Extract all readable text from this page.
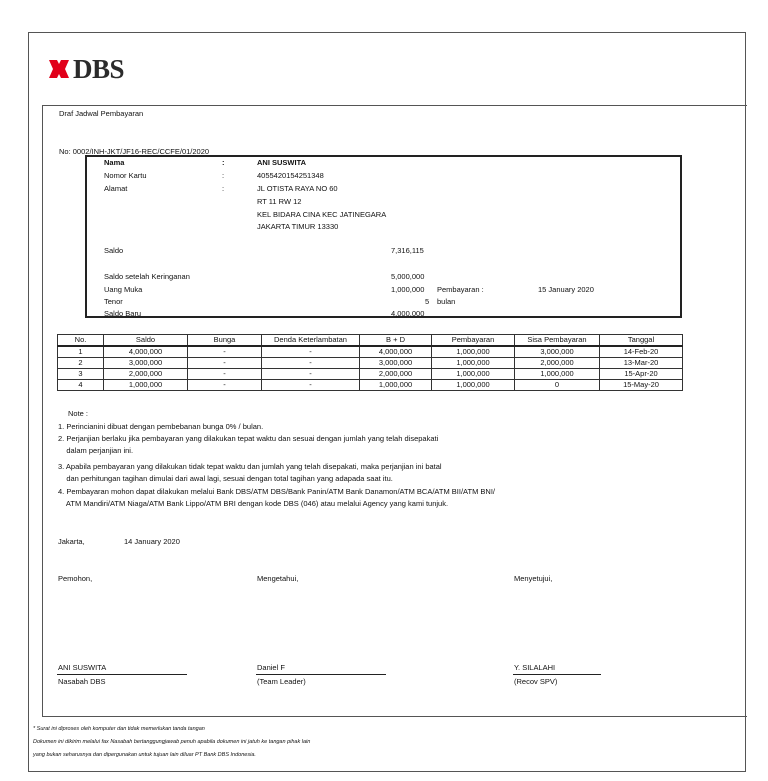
DBS
Draf Jadwal Pembayaran
No: 0002/INH-JKT/JF16-REC/CCFE/01/2020
Nama	:	ANI SUSWITA
Nomor Kartu	:	4055420154251348
Alamat	:	JL OTISTA RAYA NO 60
RT 11 RW 12
KEL BIDARA CINA KEC JATINEGARA
JAKARTA TIMUR 13330
Saldo	7,316,115
Saldo setelah Keringanan	5,000,000
Uang Muka	1,000,000 Pembayaran :	15 January 2020
Tenor	5 bulan
Saldo Baru	4,000,000
No.	Saldo	Bunga	Denda Keterlambatan	B + D	Pembayaran	Sisa Pembayaran	Tanggal
1	4,000,000	-	-	4,000,000	1,000,000	3,000,000	14-Feb-20
2	3,000,000	-	-	3,000,000	1,000,000	2,000,000	13-Mar-20
3	2,000,000	-	-	2,000,000	1,000,000	1,000,000	15-Apr-20
4	1,000,000	-	-	1,000,000	1,000,000	0	15-May-20
Note :
1. Perincianini dibuat dengan pembebanan bunga 0% / bulan.
2. Perjanjian berlaku jika pembayaran yang dilakukan tepat waktu dan sesuai dengan jumlah yang telah disepakati
dalam perjanjian ini.
3. Apabila pembayaran yang dilakukan tidak tepat waktu dan jumlah yang telah disepakati, maka perjanjian ini batal
dan perhitungan tagihan dimulai dari awal lagi, sesuai dengan total tagihan yang adapada saat itu.
4. Pembayaran mohon dapat dilakukan melalui Bank DBS/ATM DBS/Bank Panin/ATM Bank Danamon/ATM BCA/ATM BII/ATM BNI/
ATM Mandiri/ATM Niaga/ATM Bank Lippo/ATM BRI dengan kode DBS (046) atau melalui Agency yang kami tunjuk.
Jakarta,	14 January 2020
Pemohon,	Mengetahui,	Menyetujui,
ANI SUSWITA
Nasabah DBS
Daniel F
(Team Leader)
Y. SILALAHI
(Recov SPV)
* Surat ini diproses oleh komputer dan tidak memerlukan tanda tangan
Dokumen ini dikirim melalui fax Nasabah bertanggungjawab penuh apabila dokumen ini jatuh ke tangan pihak lain
yang bukan seharusnya dan dipergunakan untuk tujuan lain diluar PT Bank DBS Indonesia.
